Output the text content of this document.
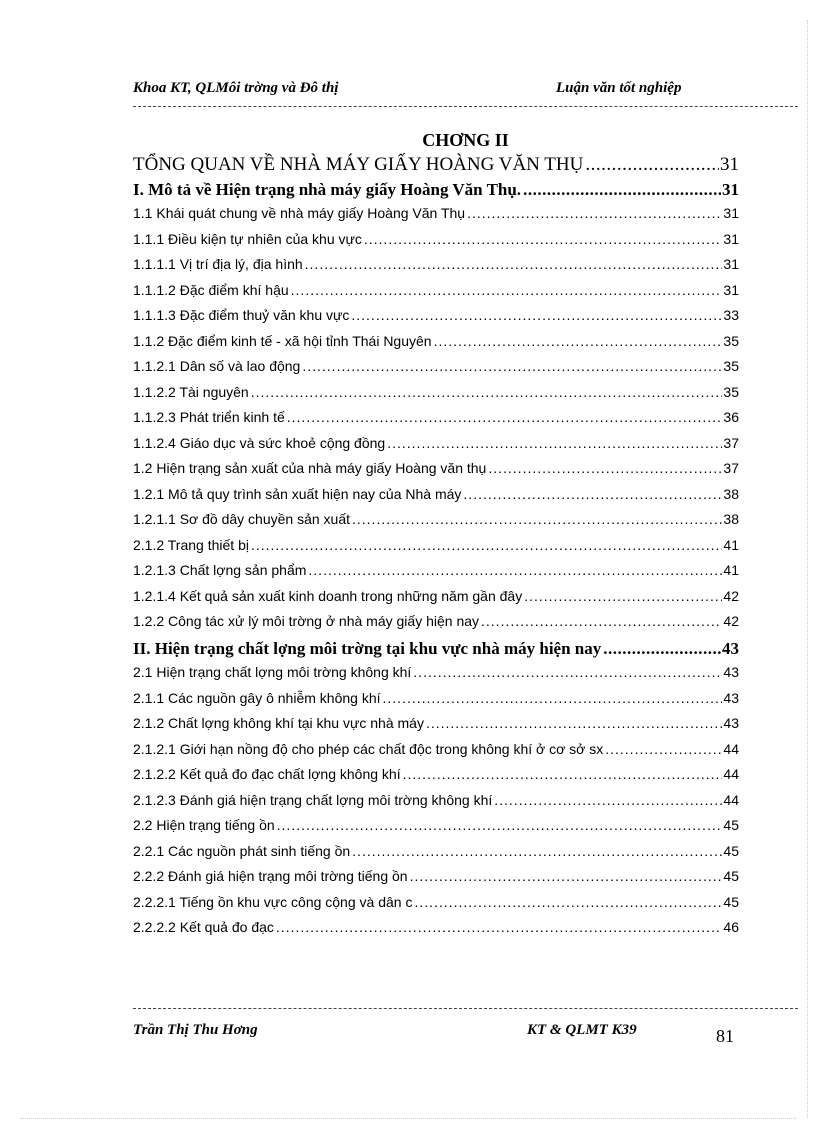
Khoa KT, QLMôi trờng và Đô thị	Luận văn tốt nghiệp
CHƠNG II
TỔNG QUAN VỀ NHÀ MÁY GIẤY HOÀNG VĂN THỤ .....	31
I. Mô tả về Hiện trạng nhà máy giấy Hoàng Văn Thụ. .....	31
1.1 Khái quát chung về nhà máy giấy Hoàng Văn Thụ .....	31
1.1.1 Điều kiện tự nhiên của khu vực .....	31
1.1.1.1 Vị trí địa lý, địa hình .....	31
1.1.1.2 Đặc điểm khí hậu .....	31
1.1.1.3 Đặc điểm thuỷ văn khu vực .....	33
1.1.2 Đặc điểm kinh tế - xã hội tỉnh Thái Nguyên .....	35
1.1.2.1 Dân số và lao động .....	35
1.1.2.2 Tài nguyên .....	35
1.1.2.3 Phát triển kinh tế .....	36
1.1.2.4 Giáo dục và sức khoẻ cộng đồng .....	37
1.2 Hiện trạng sản xuất của nhà máy giấy Hoàng văn thụ .....	37
1.2.1 Mô tả quy trình sản xuất hiện nay của Nhà máy .....	38
1.2.1.1 Sơ đồ dây chuyền sản xuất .....	38
2.1.2 Trang thiết bị .....	41
1.2.1.3 Chất lợng sản phẩm .....	41
1.2.1.4 Kết quả sản xuất kinh doanh trong những năm gần đây .....	42
1.2.2 Công tác xử lý môi trờng ở nhà máy giấy hiện nay .....	42
II. Hiện trạng chất lợng môi trờng tại khu vực nhà máy hiện nay .....	43
2.1 Hiện trạng chất lợng môi trờng không khí .....	43
2.1.1 Các nguồn gây ô nhiễm không khí .....	43
2.1.2 Chất lợng không khí tại khu vực nhà máy .....	43
2.1.2.1 Giới hạn nồng độ cho phép các chất độc trong không khí ở cơ sở sx .....	44
2.1.2.2 Kết quả đo đạc chất lợng không khí .....	44
2.1.2.3 Đánh giá hiện trạng chất lợng môi trờng không khí .....	44
2.2 Hiện trạng tiếng ồn .....	45
2.2.1 Các nguồn phát sinh tiếng ồn .....	45
2.2.2 Đánh giá hiện trạng môi trờng tiếng ồn .....	45
2.2.2.1 Tiếng ồn khu vực công cộng và dân c .....	45
2.2.2.2 Kết quả đo đạc .....	46
Trần Thị Thu Hơng	KT & QLMT K39	81
